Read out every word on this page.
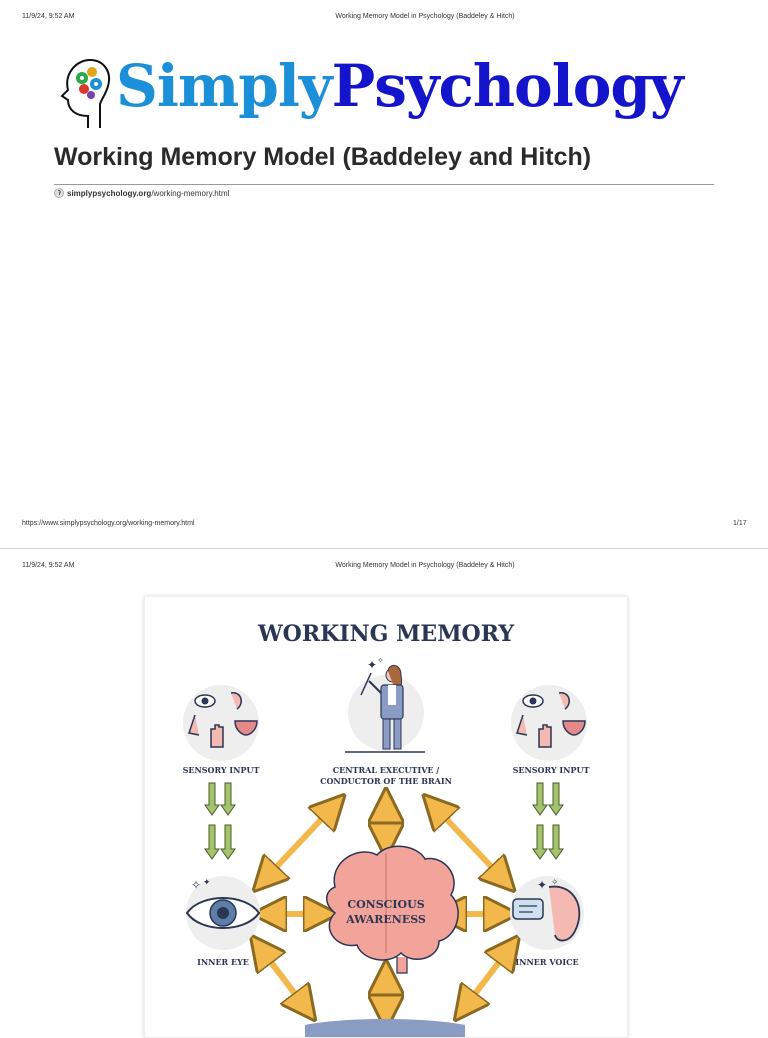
11/9/24, 9:52 AM	Working Memory Model in Psychology (Baddeley & Hitch)
SimplyPsychology
Working Memory Model (Baddeley and Hitch)
simplypsychology.org/working-memory.html
https://www.simplypsychology.org/working-memory.html	1/17
11/9/24, 9:52 AM	Working Memory Model in Psychology (Baddeley & Hitch)
WORKING MEMORY
✦ ✧
✧ ✦	✦ ✧
SENSORY INPUT	SENSORY INPUT
CENTRAL EXECUTIVE /
CONDUCTOR OF THE BRAIN
CONSCIOUS
AWARENESS
INNER EYE	INNER VOICE
